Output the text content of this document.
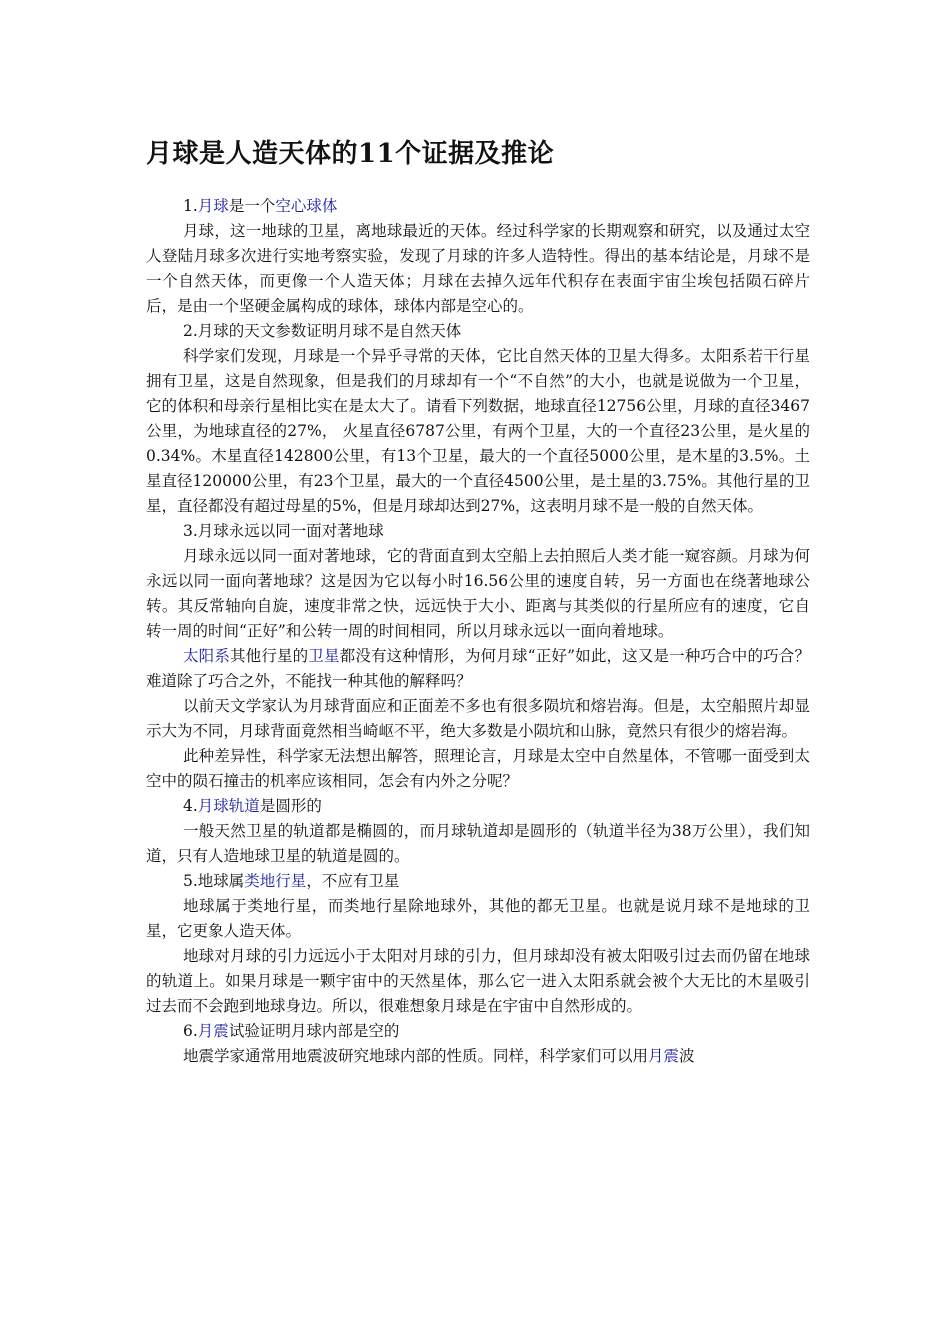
月球是人造天体的11个证据及推论

1.月球是一个空心球体

月球，这一地球的卫星，离地球最近的天体。经过科学家的长期观察和研究，以及通过太空人登陆月球多次进行实地考察实验，发现了月球的许多人造特性。得出的基本结论是，月球不是一个自然天体，而更像一个人造天体；月球在去掉久远年代积存在表面宇宙尘埃包括陨石碎片后，是由一个坚硬金属构成的球体，球体内部是空心的。

2.月球的天文参数证明月球不是自然天体

科学家们发现，月球是一个异乎寻常的天体，它比自然天体的卫星大得多。太阳系若干行星拥有卫星，这是自然现象，但是我们的月球却有一个“不自然”的大小，也就是说做为一个卫星，它的体积和母亲行星相比实在是太大了。请看下列数据，地球直径12756公里，月球的直径3467公里，为地球直径的27%， 火星直径6787公里，有两个卫星，大的一个直径23公里，是火星的0.34%。木星直径142800公里，有13个卫星，最大的一个直径5000公里，是木星的3.5%。土星直径120000公里，有23个卫星，最大的一个直径4500公里，是土星的3.75%。其他行星的卫星，直径都没有超过母星的5%，但是月球却达到27%，这表明月球不是一般的自然天体。

3.月球永远以同一面对著地球

月球永远以同一面对著地球，它的背面直到太空船上去拍照后人类才能一窥容颜。月球为何永远以同一面向著地球？这是因为它以每小时16.56公里的速度自转，另一方面也在绕著地球公转。其反常轴向自旋，速度非常之快，远远快于大小、距离与其类似的行星所应有的速度，它自转一周的时间“正好”和公转一周的时间相同，所以月球永远以一面向着地球。

太阳系其他行星的卫星都没有这种情形，为何月球“正好”如此，这又是一种巧合中的巧合？难道除了巧合之外，不能找一种其他的解释吗？

以前天文学家认为月球背面应和正面差不多也有很多陨坑和熔岩海。但是，太空船照片却显示大为不同，月球背面竟然相当崎岖不平，绝大多数是小陨坑和山脉，竟然只有很少的熔岩海。

此种差异性，科学家无法想出解答，照理论言，月球是太空中自然星体，不管哪一面受到太空中的陨石撞击的机率应该相同，怎会有内外之分呢？

4.月球轨道是圆形的

一般天然卫星的轨道都是椭圆的，而月球轨道却是圆形的（轨道半径为38万公里），我们知道，只有人造地球卫星的轨道是圆的。

5.地球属类地行星，不应有卫星

地球属于类地行星，而类地行星除地球外，其他的都无卫星。也就是说月球不是地球的卫星，它更象人造天体。

地球对月球的引力远远小于太阳对月球的引力，但月球却没有被太阳吸引过去而仍留在地球的轨道上。如果月球是一颗宇宙中的天然星体，那么它一进入太阳系就会被个大无比的木星吸引过去而不会跑到地球身边。所以，很难想象月球是在宇宙中自然形成的。

6.月震试验证明月球内部是空的

地震学家通常用地震波研究地球内部的性质。同样，科学家们可以用月震波
